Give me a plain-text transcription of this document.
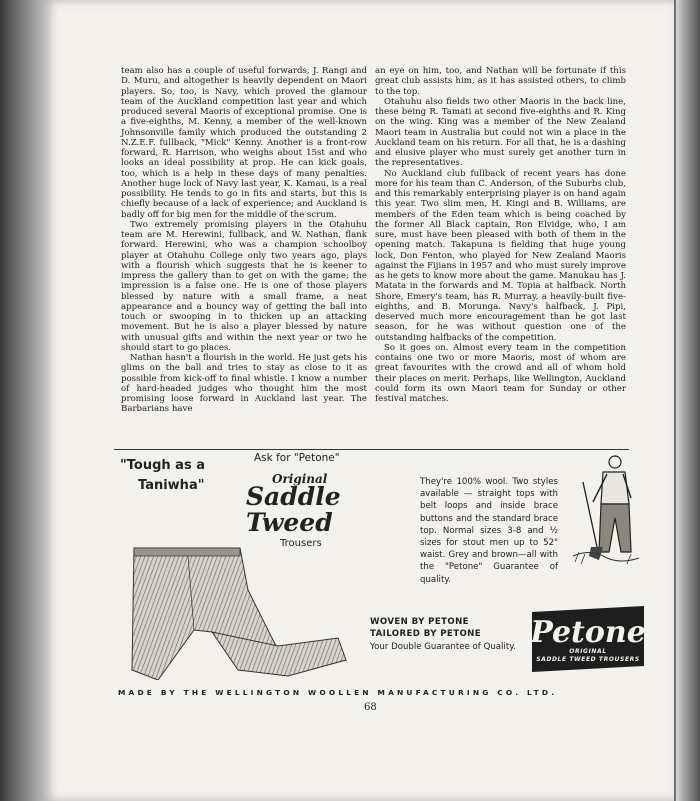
team also has a couple of useful forwards, J. Rangi and D. Muru, and altogether is heavily dependent on Maori players. So, too, is Navy, which proved the glamour team of the Auckland competition last year and which produced several Maoris of exceptional promise. One is a five-eighths, M. Kenny, a member of the well-known Johnsonville family which produced the outstanding 2 N.Z.E.F. fullback, "Mick" Kenny. Another is a front-row forward, R. Harrison, who weighs about 15st and who looks an ideal possibility at prop. He can kick goals, too, which is a help in these days of many penalties. Another huge lock of Navy last year, K. Kamau, is a real possibility. He tends to go in fits and starts, but this is chiefly because of a lack of experience; and Auckland is badly off for big men for the middle of the scrum.

Two extremely promising players in the Otahuhu team are M. Herewini, fullback, and W. Nathan, flank forward. Herewini, who was a champion schoolboy player at Otahuhu College only two years ago, plays with a flourish which suggests that he is keener to impress the gallery than to get on with the game; the impression is a false one. He is one of those players blessed by nature with a small frame, a neat appearance and a bouncy way of getting the ball into touch or swooping in to thicken up an attacking movement. But he is also a player blessed by nature with unusual gifts and within the next year or two he should start to go places.

Nathan hasn't a flourish in the world. He just gets his glims on the ball and tries to stay as close to it as possible from kick-off to final whistle. I know a number of hard-headed judges who thought him the most promising loose forward in Auckland last year. The Barbarians have

an eye on him, too, and Nathan will be fortunate if this great club assists him, as it has assisted others, to climb to the top.

Otahuhu also fields two other Maoris in the back line, these being R. Tamati at second five-eighths and R. King on the wing. King was a member of the New Zealand Maori team in Australia but could not win a place in the Auckland team on his return. For all that, he is a dashing and elusive player who must surely get another turn in the representatives.

No Auckland club fullback of recent years has done more for his team than C. Anderson, of the Suburbs club, and this remarkably enterprising player is on hand again this year. Two slim men, H. Kingi and B. Williams, are members of the Eden team which is being coached by the former All Black captain, Ron Elvidge, who, I am sure, must have been pleased with both of them in the opening match. Takapuna is fielding that huge young lock, Don Fenton, who played for New Zealand Maoris against the Fijians in 1957 and who must surely improve as he gets to know more about the game. Manukau has J. Matata in the forwards and M. Topia at halfback. North Shore, Emery's team, has R. Murray, a heavily-built five-eighths, and B. Morunga. Navy's halfback, J. Pipi, deserved much more encouragement than he got last season, for he was without question one of the outstanding halfbacks of the competition.

So it goes on. Almost every team in the competition contains one two or more Maoris, most of whom are great favourites with the crowd and all of whom hold their places on merit. Perhaps, like Wellington, Auckland could form its own Maori team for Sunday or other festival matches.

"Tough as a
Taniwha"
Ask for "Petone"
Original
Saddle
Tweed
Trousers
They're 100% wool. Two styles available — straight tops with belt loops and inside brace buttons and the standard brace top. Normal sizes 3-8 and ½ sizes for stout men up to 52" waist. Grey and brown—all with the "Petone" Guarantee of quality.
WOVEN BY PETONE
TAILORED BY PETONE
Your Double Guarantee of Quality. Petone
ORIGINAL
SADDLE TWEED TROUSERS
MADE BY THE WELLINGTON WOOLLEN MANUFACTURING CO. LTD.
68
